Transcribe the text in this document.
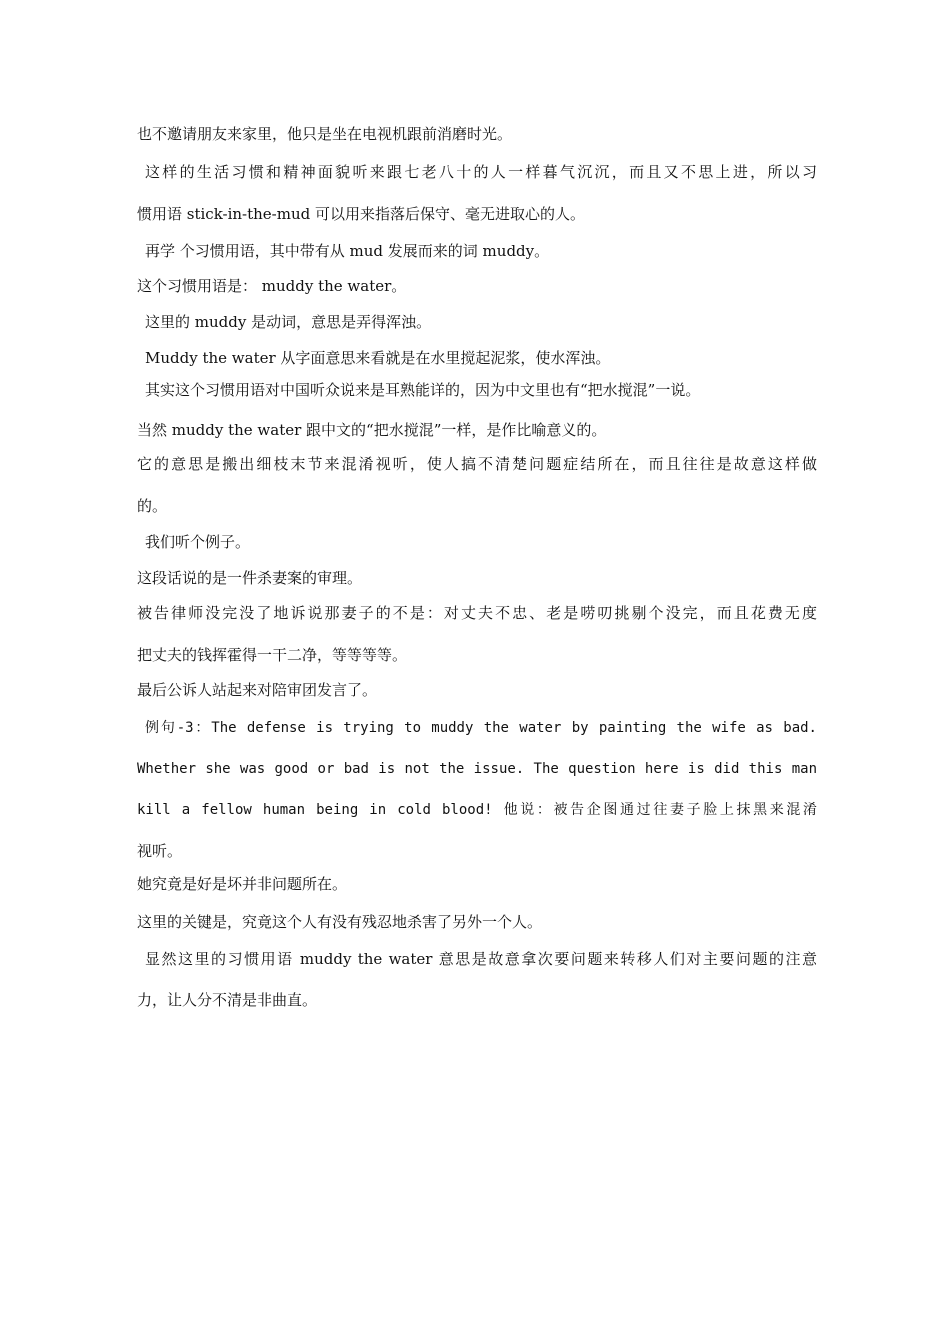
也不邀请朋友来家里，他只是坐在电视机跟前消磨时光。

这样的生活习惯和精神面貌听来跟七老八十的人一样暮气沉沉，而且又不思上进，所以习

惯用语 stick-in-the-mud 可以用来指落后保守、毫无进取心的人。

再学 个习惯用语，其中带有从 mud 发展而来的词 muddy。

这个习惯用语是： muddy the water。

这里的 muddy 是动词，意思是弄得浑浊。

Muddy the water 从字面意思来看就是在水里搅起泥浆，使水浑浊。

其实这个习惯用语对中国听众说来是耳熟能详的，因为中文里也有“把水搅混”一说。

当然 muddy the water 跟中文的“把水搅混”一样，是作比喻意义的。

它的意思是搬出细枝末节来混淆视听，使人搞不清楚问题症结所在，而且往往是故意这样做

的。

我们听个例子。

这段话说的是一件杀妻案的审理。

被告律师没完没了地诉说那妻子的不是：对丈夫不忠、老是唠叨挑剔个没完，而且花费无度

把丈夫的钱挥霍得一干二净，等等等等。

最后公诉人站起来对陪审团发言了。

例句-3：The defense is trying to muddy the water by painting the wife as bad.

Whether she was good or bad is not the issue. The question here is did this man

kill a fellow human being in cold blood! 他说：被告企图通过往妻子脸上抹黑来混淆

视听。

她究竟是好是坏并非问题所在。

这里的关键是，究竟这个人有没有残忍地杀害了另外一个人。

显然这里的习惯用语 muddy the water 意思是故意拿次要问题来转移人们对主要问题的注意

力，让人分不清是非曲直。
